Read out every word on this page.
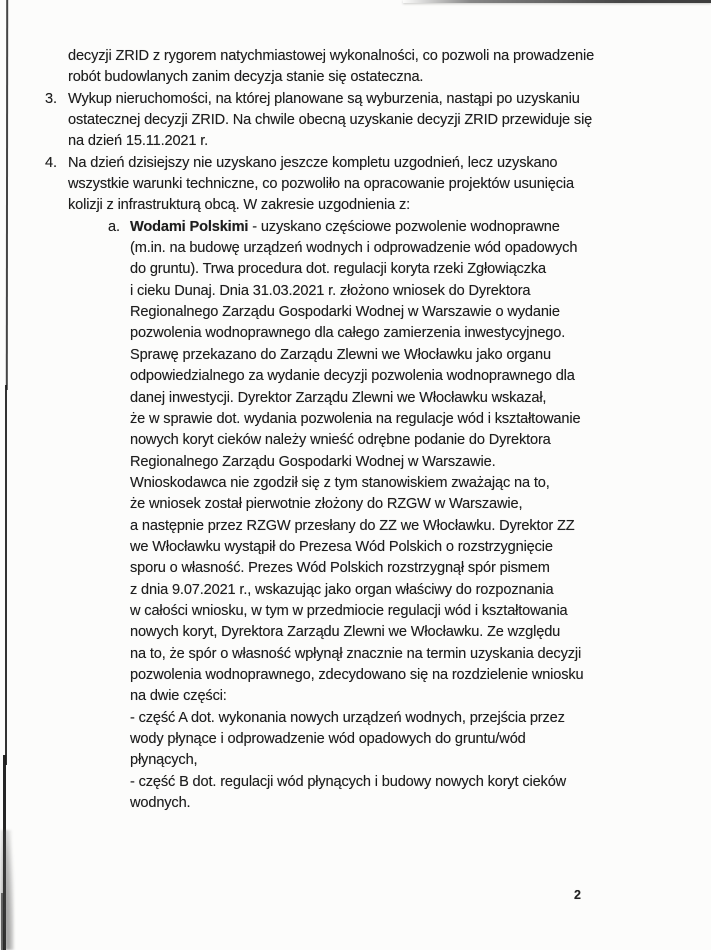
decyzji ZRID z rygorem natychmiastowej wykonalności, co pozwoli na prowadzenie
robót budowlanych zanim decyzja stanie się ostateczna.
Wykup nieruchomości, na której planowane są wyburzenia, nastąpi po uzyskaniu
3.
ostatecznej decyzji ZRID. Na chwile obecną uzyskanie decyzji ZRID przewiduje się
na dzień 15.11.2021 r.
Na dzień dzisiejszy nie uzyskano jeszcze kompletu uzgodnień, lecz uzyskano
4.
wszystkie warunki techniczne, co pozwoliło na opracowanie projektów usunięcia
kolizji z infrastrukturą obcą. W zakresie uzgodnienia z:
Wodami Polskimi - uzyskano częściowe pozwolenie wodnoprawne
a.
(m.in. na budowę urządzeń wodnych i odprowadzenie wód opadowych
do gruntu). Trwa procedura dot. regulacji koryta rzeki Zgłowiączka
i cieku Dunaj. Dnia 31.03.2021 r. złożono wniosek do Dyrektora
Regionalnego Zarządu Gospodarki Wodnej w Warszawie o wydanie
pozwolenia wodnoprawnego dla całego zamierzenia inwestycyjnego.
Sprawę przekazano do Zarządu Zlewni we Włocławku jako organu
odpowiedzialnego za wydanie decyzji pozwolenia wodnoprawnego dla
danej inwestycji. Dyrektor Zarządu Zlewni we Włocławku wskazał,
że w sprawie dot. wydania pozwolenia na regulacje wód i kształtowanie
nowych koryt cieków należy wnieść odrębne podanie do Dyrektora
Regionalnego Zarządu Gospodarki Wodnej w Warszawie.
Wnioskodawca nie zgodził się z tym stanowiskiem zważając na to,
że wniosek został pierwotnie złożony do RZGW w Warszawie,
a następnie przez RZGW przesłany do ZZ we Włocławku. Dyrektor ZZ
we Włocławku wystąpił do Prezesa Wód Polskich o rozstrzygnięcie
sporu o własność. Prezes Wód Polskich rozstrzygnął spór pismem
z dnia 9.07.2021 r., wskazując jako organ właściwy do rozpoznania
w całości wniosku, w tym w przedmiocie regulacji wód i kształtowania
nowych koryt, Dyrektora Zarządu Zlewni we Włocławku. Ze względu
na to, że spór o własność wpłynął znacznie na termin uzyskania decyzji
pozwolenia wodnoprawnego, zdecydowano się na rozdzielenie wniosku
na dwie części:
- część A dot. wykonania nowych urządzeń wodnych, przejścia przez
wody płynące i odprowadzenie wód opadowych do gruntu/wód
płynących,
- część B dot. regulacji wód płynących i budowy nowych koryt cieków
wodnych.
2
